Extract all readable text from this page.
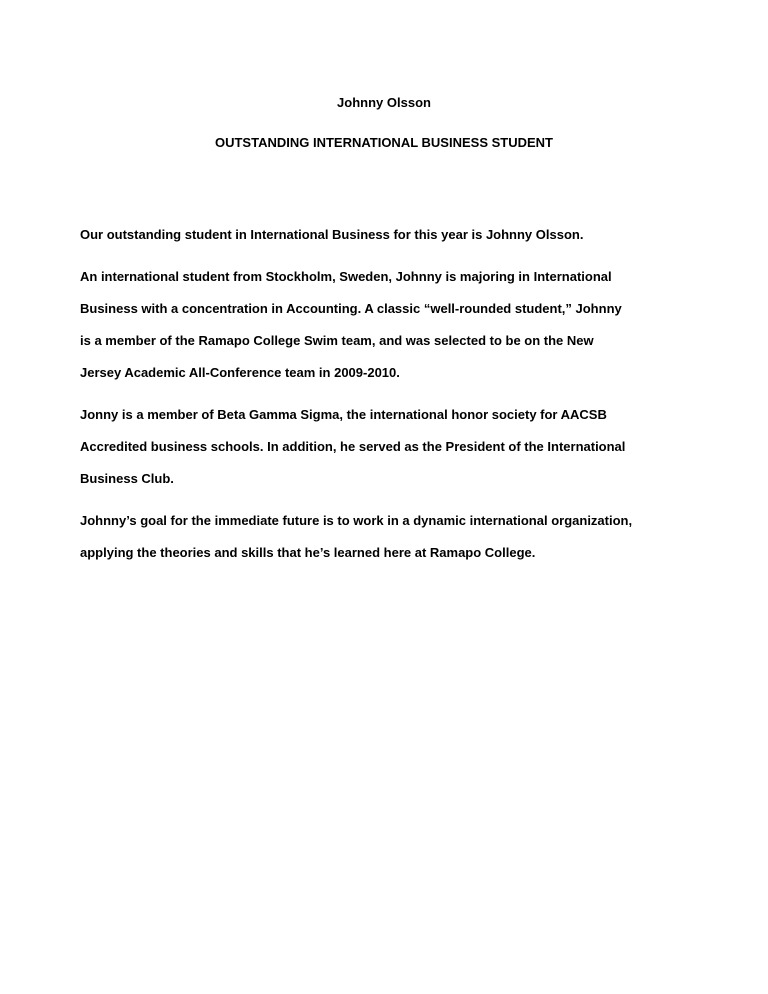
Johnny Olsson
OUTSTANDING INTERNATIONAL BUSINESS STUDENT

Our outstanding student in International Business for this year is Johnny Olsson.

An international student from Stockholm, Sweden, Johnny is majoring in International
Business with a concentration in Accounting. A classic “well-rounded student,” Johnny
is a member of the Ramapo College Swim team, and was selected to be on the New
Jersey Academic All-Conference team in 2009-2010.

Jonny is a member of Beta Gamma Sigma, the international honor society for AACSB
Accredited business schools. In addition, he served as the President of the International
Business Club.

Johnny’s goal for the immediate future is to work in a dynamic international organization,
applying the theories and skills that he’s learned here at Ramapo College.
